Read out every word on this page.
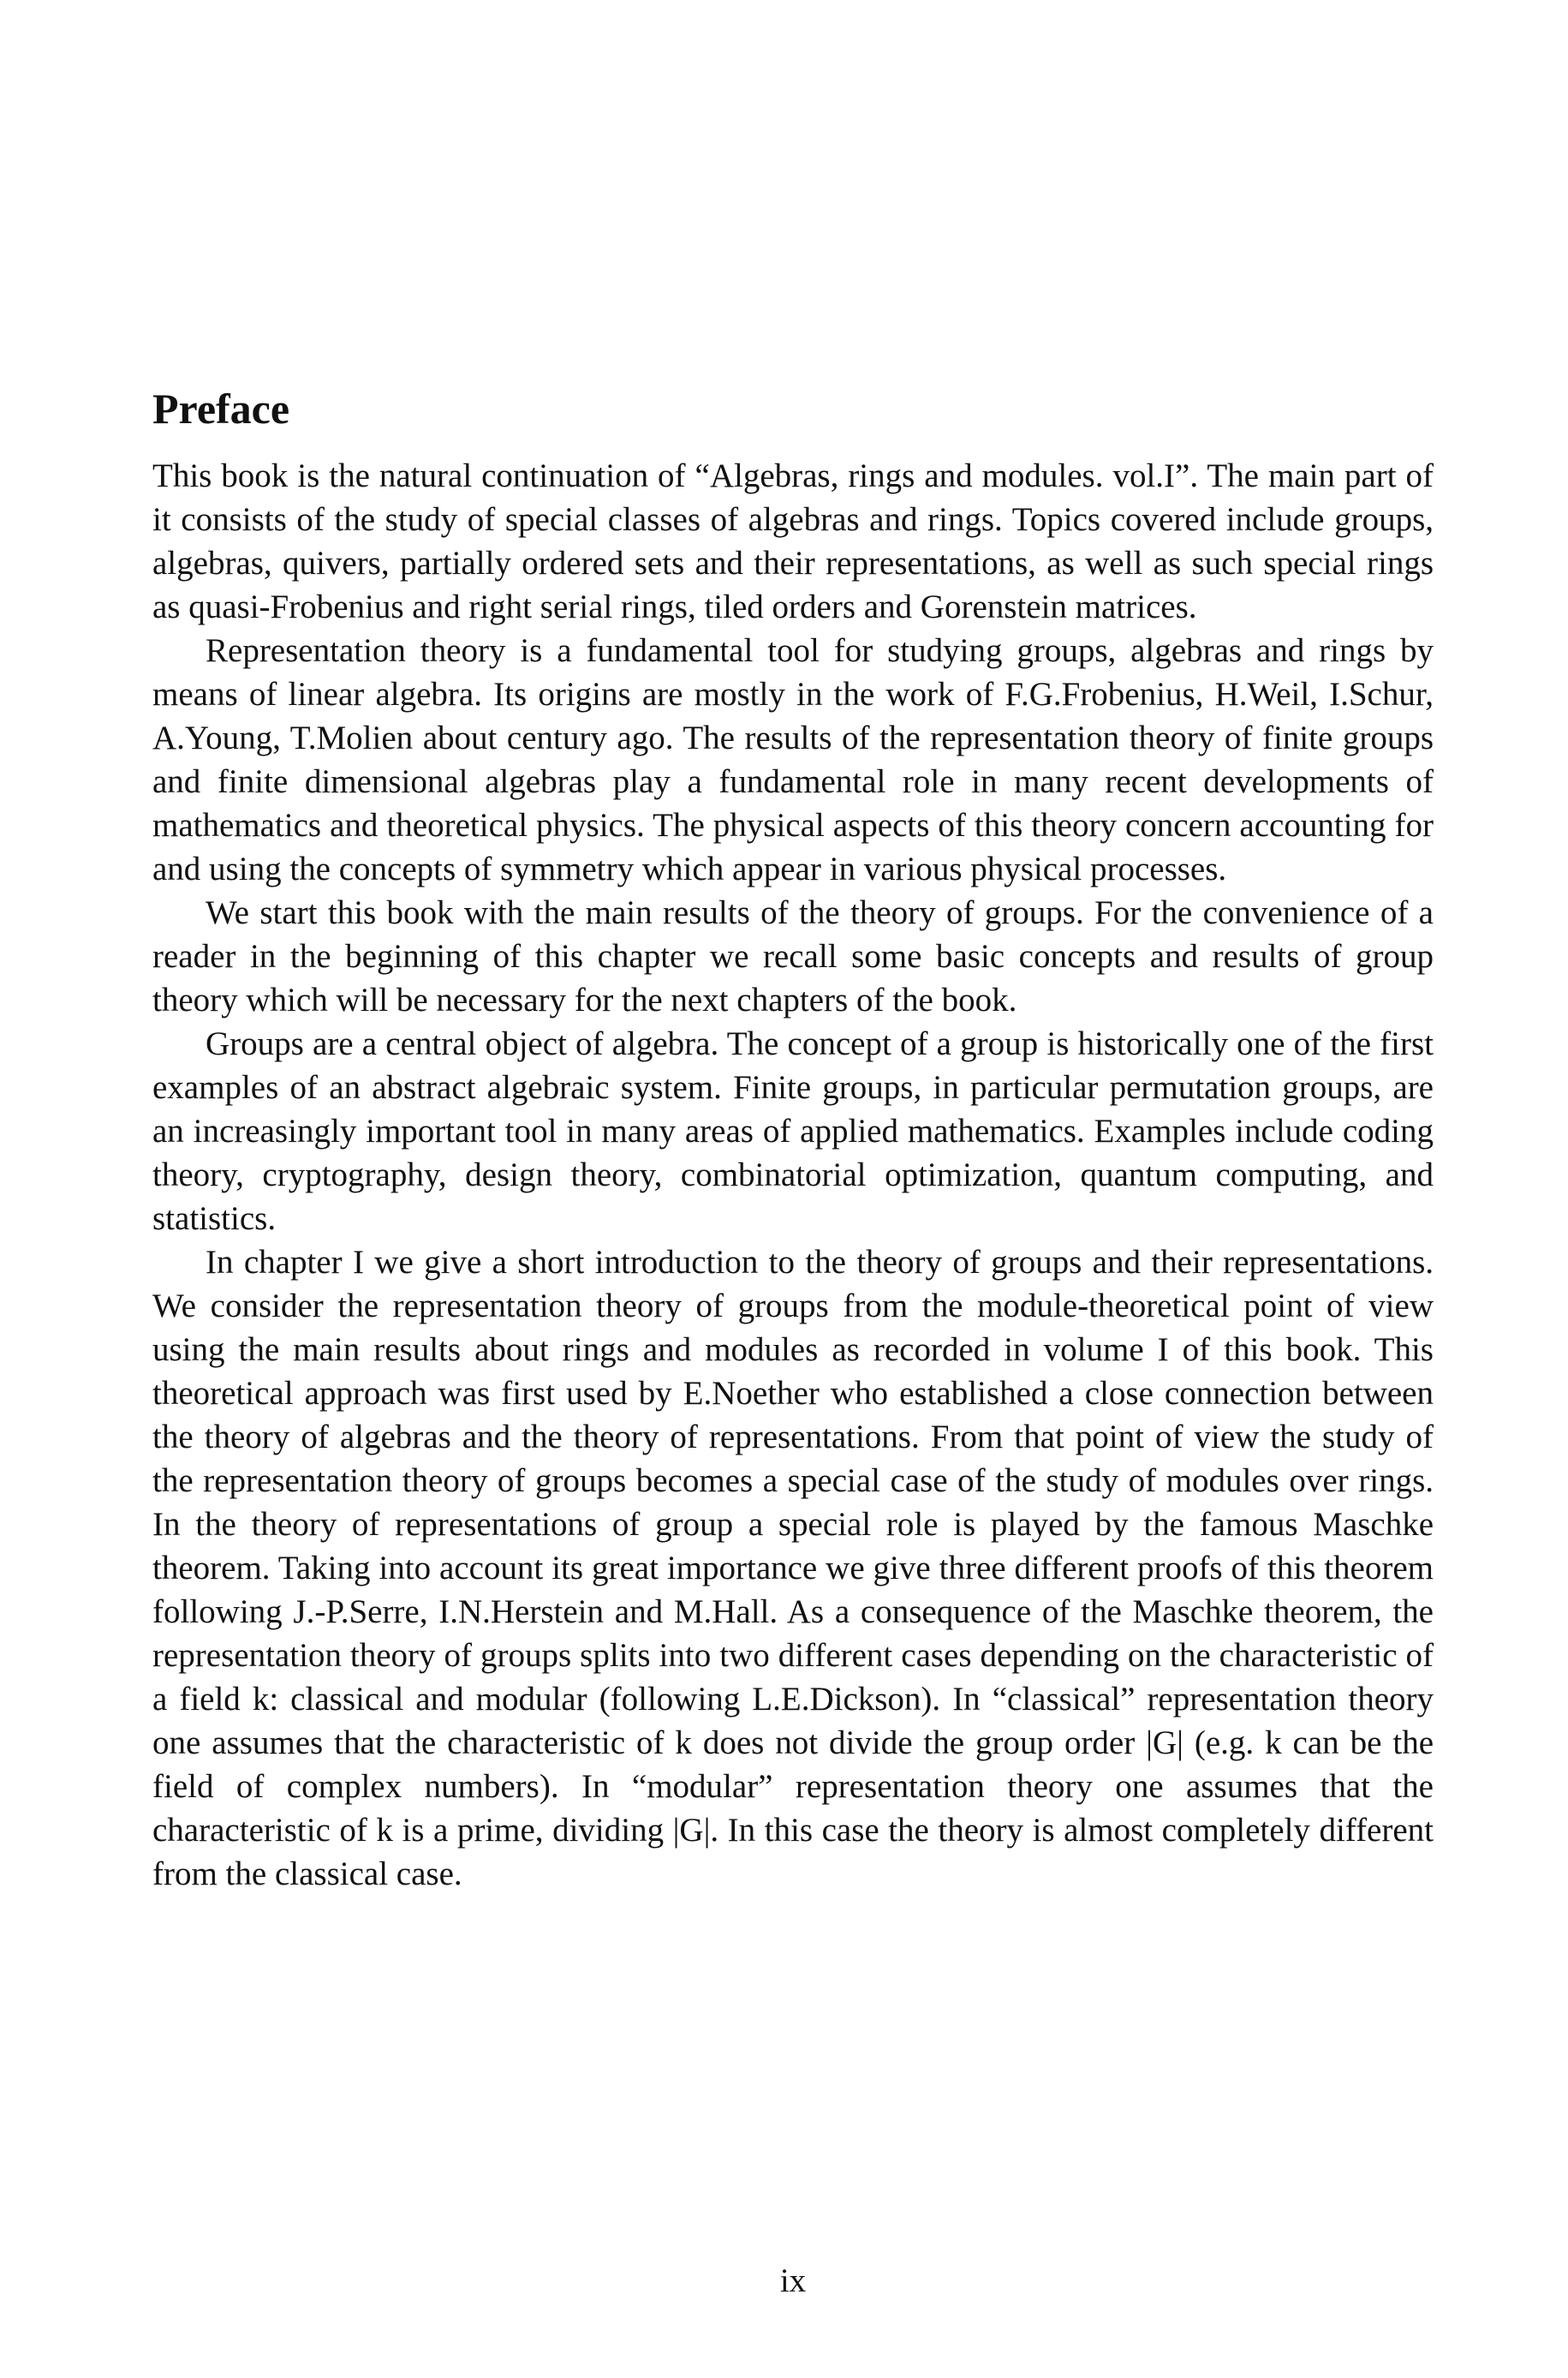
Preface

This book is the natural continuation of “Algebras, rings and modules. vol.I”. The main part of it consists of the study of special classes of algebras and rings. Topics covered include groups, algebras, quivers, partially ordered sets and their representations, as well as such special rings as quasi-Frobenius and right serial rings, tiled orders and Gorenstein matrices.

Representation theory is a fundamental tool for studying groups, algebras and rings by means of linear algebra. Its origins are mostly in the work of F.G.Frobenius, H.Weil, I.Schur, A.Young, T.Molien about century ago. The results of the representation theory of finite groups and finite dimensional algebras play a fundamental role in many recent developments of mathematics and theoretical physics. The physical aspects of this theory concern accounting for and using the concepts of symmetry which appear in various physical processes.

We start this book with the main results of the theory of groups. For the convenience of a reader in the beginning of this chapter we recall some basic concepts and results of group theory which will be necessary for the next chapters of the book.

Groups are a central object of algebra. The concept of a group is historically one of the first examples of an abstract algebraic system. Finite groups, in particular permutation groups, are an increasingly important tool in many areas of applied mathematics. Examples include coding theory, cryptography, design theory, combinatorial optimization, quantum computing, and statistics.

In chapter I we give a short introduction to the theory of groups and their representations. We consider the representation theory of groups from the module-theoretical point of view using the main results about rings and modules as recorded in volume I of this book. This theoretical approach was first used by E.Noether who established a close connection between the theory of algebras and the theory of representations. From that point of view the study of the representation theory of groups becomes a special case of the study of modules over rings. In the theory of representations of group a special role is played by the famous Maschke theorem. Taking into account its great importance we give three different proofs of this theorem following J.-P.Serre, I.N.Herstein and M.Hall. As a consequence of the Maschke theorem, the representation theory of groups splits into two different cases depending on the characteristic of a field k: classical and modular (following L.E.Dickson). In “classical” representation theory one assumes that the characteristic of k does not divide the group order |G| (e.g. k can be the field of complex numbers). In “modular” representation theory one assumes that the characteristic of k is a prime, dividing |G|. In this case the theory is almost completely different from the classical case.

ix
